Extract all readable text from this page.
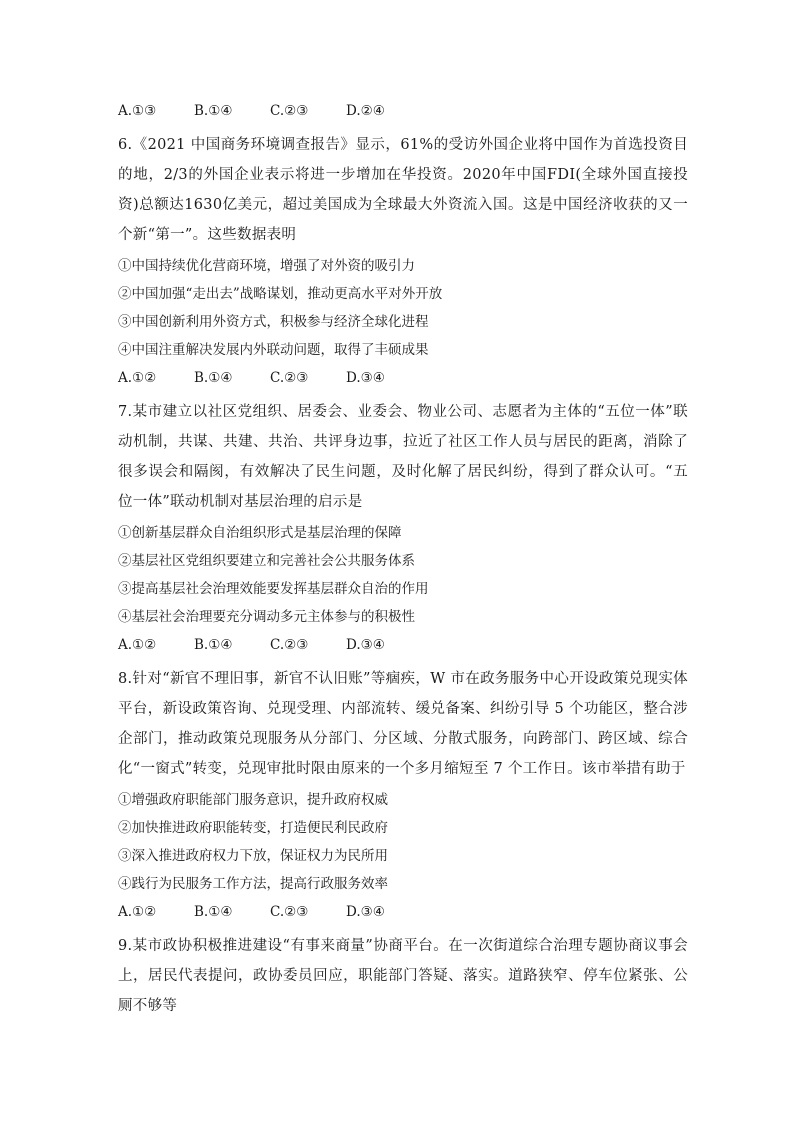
A.①③	B.①④	C.②③	D.②④
6.《2021 中国商务环境调查报告》显示，61%的受访外国企业将中国作为首选投资目的地，2/3的外国企业表示将进一步增加在华投资。2020年中国FDI(全球外国直接投资)总额达1630亿美元，超过美国成为全球最大外资流入国。这是中国经济收获的又一个新“第一”。这些数据表明
①中国持续优化营商环境，增强了对外资的吸引力
②中国加强“走出去”战略谋划，推动更高水平对外开放
③中国创新利用外资方式，积极参与经济全球化进程
④中国注重解决发展内外联动问题，取得了丰硕成果
A.①②	B.①④	C.②③	D.③④
7.某市建立以社区党组织、居委会、业委会、物业公司、志愿者为主体的“五位一体”联动机制，共谋、共建、共治、共评身边事，拉近了社区工作人员与居民的距离，消除了很多误会和隔阂，有效解决了民生问题，及时化解了居民纠纷，得到了群众认可。“五位一体”联动机制对基层治理的启示是
①创新基层群众自治组织形式是基层治理的保障
②基层社区党组织要建立和完善社会公共服务体系
③提高基层社会治理效能要发挥基层群众自治的作用
④基层社会治理要充分调动多元主体参与的积极性
A.①②	B.①④	C.②③	D.③④
8.针对“新官不理旧事，新官不认旧账”等痼疾，W 市在政务服务中心开设政策兑现实体平台，新设政策咨询、兑现受理、内部流转、缓兑备案、纠纷引导 5 个功能区，整合涉企部门，推动政策兑现服务从分部门、分区域、分散式服务，向跨部门、跨区域、综合化“一窗式”转变，兑现审批时限由原来的一个多月缩短至 7 个工作日。该市举措有助于
①增强政府职能部门服务意识，提升政府权威
②加快推进政府职能转变，打造便民利民政府
③深入推进政府权力下放，保证权力为民所用
④践行为民服务工作方法，提高行政服务效率
A.①②	B.①④	C.②③	D.③④
9.某市政协积极推进建设“有事来商量”协商平台。在一次街道综合治理专题协商议事会上，居民代表提问，政协委员回应，职能部门答疑、落实。道路狭窄、停车位紧张、公厕不够等
